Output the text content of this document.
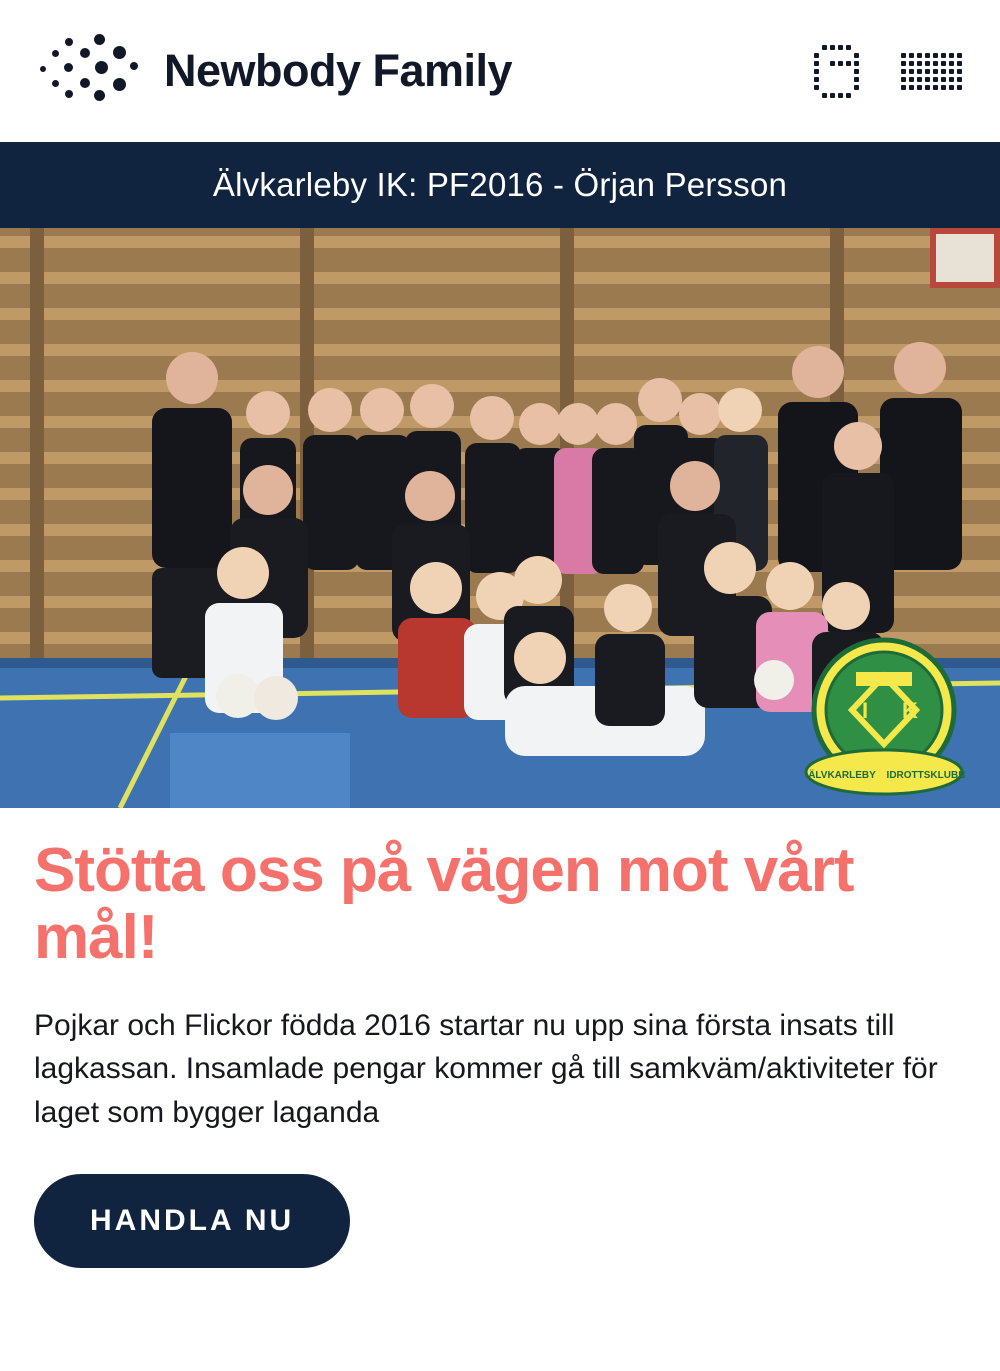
Newbody Family
Älvkarleby IK: PF2016 - Örjan Persson
I K
ÄLVKARLEBY IDROTTSKLUBB
Stötta oss på vägen mot vårt mål!

Pojkar och Flickor födda 2016 startar nu upp sina första insats till lagkassan. Insamlade pengar kommer gå till samkväm/aktiviteter för laget som bygger laganda

HANDLA NU
